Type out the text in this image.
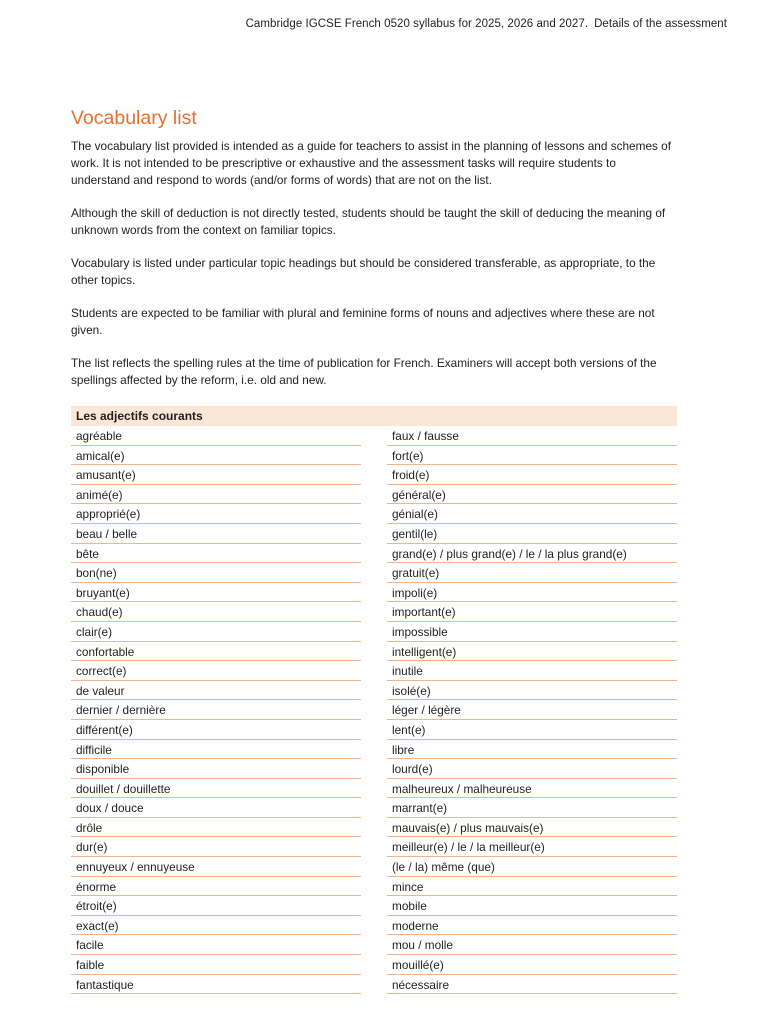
Cambridge IGCSE French 0520 syllabus for 2025, 2026 and 2027. Details of the assessment
Vocabulary list

The vocabulary list provided is intended as a guide for teachers to assist in the planning of lessons and schemes of work. It is not intended to be prescriptive or exhaustive and the assessment tasks will require students to understand and respond to words (and/or forms of words) that are not on the list.

Although the skill of deduction is not directly tested, students should be taught the skill of deducing the meaning of unknown words from the context on familiar topics.

Vocabulary is listed under particular topic headings but should be considered transferable, as appropriate, to the other topics.

Students are expected to be familiar with plural and feminine forms of nouns and adjectives where these are not given.

The list reflects the spelling rules at the time of publication for French. Examiners will accept both versions of the spellings affected by the reform, i.e. old and new.

Les adjectifs courants
agréable
amical(e)
amusant(e)
animé(e)
approprié(e)
beau / belle
bête
bon(ne)
bruyant(e)
chaud(e)
clair(e)
confortable
correct(e)
de valeur
dernier / dernière
différent(e)
difficile
disponible
douillet / douillette
doux / douce
drôle
dur(e)
ennuyeux / ennuyeuse
énorme
étroit(e)
exact(e)
facile
faible
fantastique
faux / fausse
fort(e)
froid(e)
général(e)
génial(e)
gentil(le)
grand(e) / plus grand(e) / le / la plus grand(e)
gratuit(e)
impoli(e)
important(e)
impossible
intelligent(e)
inutile
isolé(e)
léger / légère
lent(e)
libre
lourd(e)
malheureux / malheureuse
marrant(e)
mauvais(e) / plus mauvais(e)
meilleur(e) / le / la meilleur(e)
(le / la) même (que)
mince
mobile
moderne
mou / molle
mouillé(e)
nécessaire
